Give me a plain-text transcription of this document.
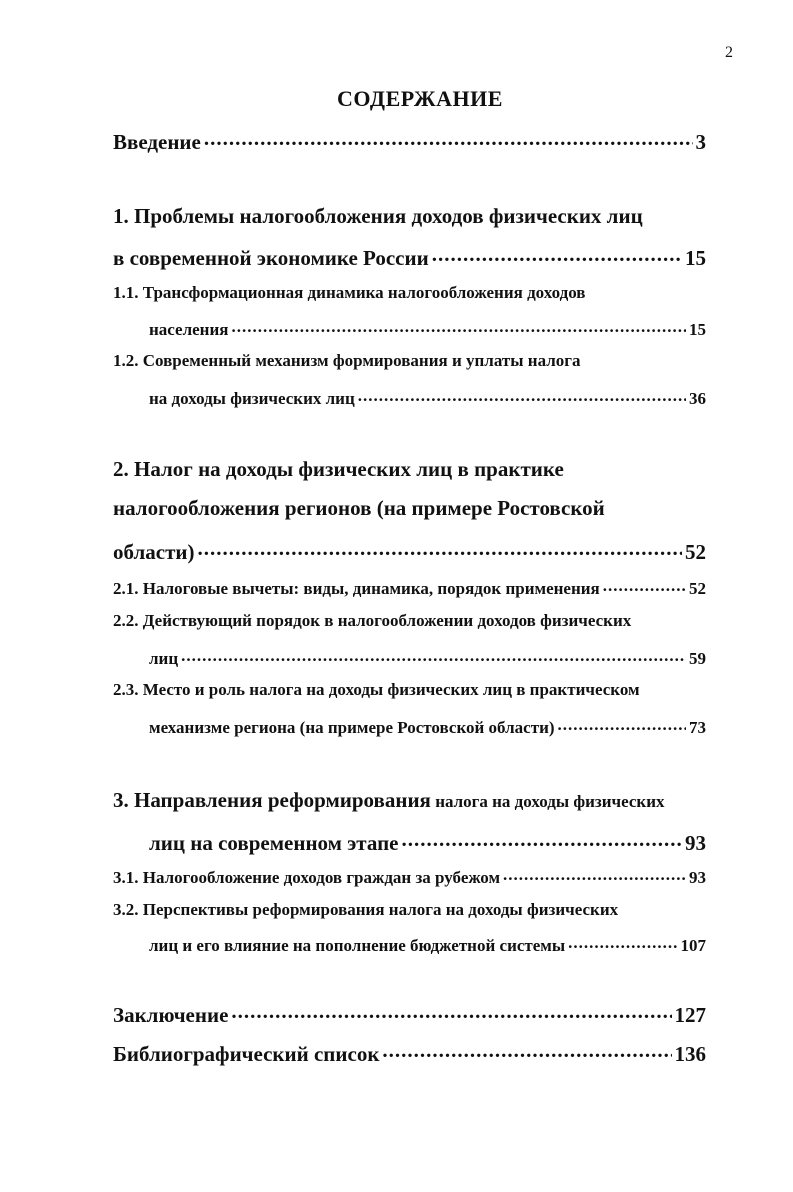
2
СОДЕРЖАНИЕ
Введение .....	3
1. Проблемы налогообложения доходов физических лиц
в современной экономике России .....	15
1.1. Трансформационная динамика налогообложения доходов
населения .....	15
1.2. Современный механизм формирования и уплаты налога
на доходы физических лиц .....	36
2. Налог на доходы физических лиц в практике
налогообложения регионов (на примере Ростовской
области) .....	52
2.1. Налоговые вычеты: виды, динамика, порядок применения .....	52
2.2. Действующий порядок в налогообложении доходов физических
лиц .....	59
2.3. Место и роль налога на доходы физических лиц в практическом
механизме региона (на примере Ростовской области) .....	73
3. Направления реформирования налога на доходы физических
лиц на современном этапе .....	93
3.1. Налогообложение доходов граждан за рубежом .....	93
3.2. Перспективы реформирования налога на доходы физических
лиц и его влияние на пополнение бюджетной системы .....	107
Заключение .....	127
Библиографический список .....	136
